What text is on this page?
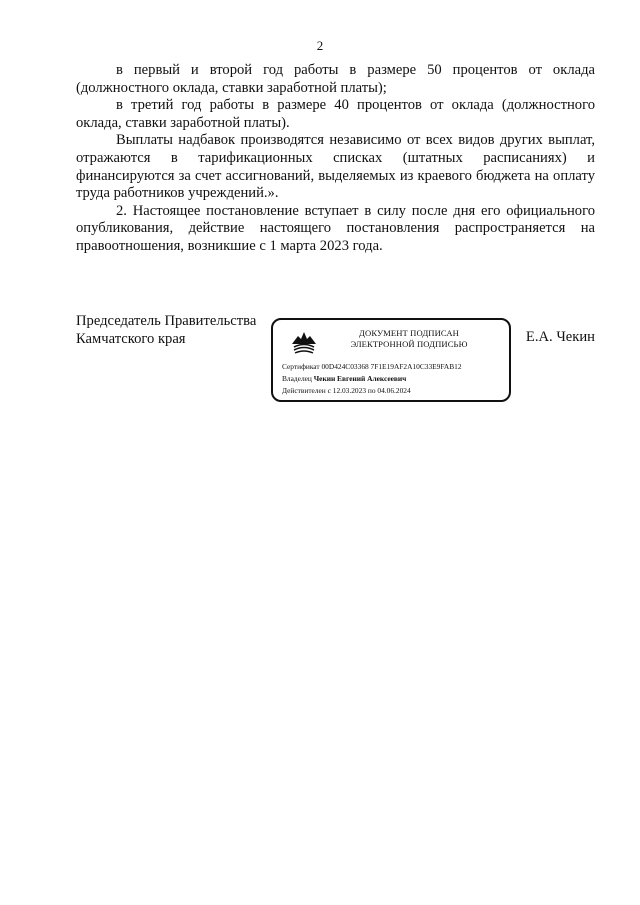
2

в первый и второй год работы в размере 50 процентов от оклада (должностного оклада, ставки заработной платы);

в третий год работы в размере 40 процентов от оклада (должностного оклада, ставки заработной платы).

Выплаты надбавок производятся независимо от всех видов других выплат, отражаются в тарификационных списках (штатных расписаниях) и финансируются за счет ассигнований, выделяемых из краевого бюджета на оплату труда работников учреждений.».

2. Настоящее постановление вступает в силу после дня его официального опубликования, действие настоящего постановления распространяется на правоотношения, возникшие с 1 марта 2023 года.

Председатель Правительства
Камчатского края	ДОКУМЕНТ ПОДПИСАН
ЭЛЕКТРОННОЙ ПОДПИСЬЮ
Сертификат 00D424C03368 7F1E19AF2A10C33E9FAB12
Владелец Чекин Евгений Алексеевич
Действителен с 12.03.2023 по 04.06.2024
Е.А. Чекин
